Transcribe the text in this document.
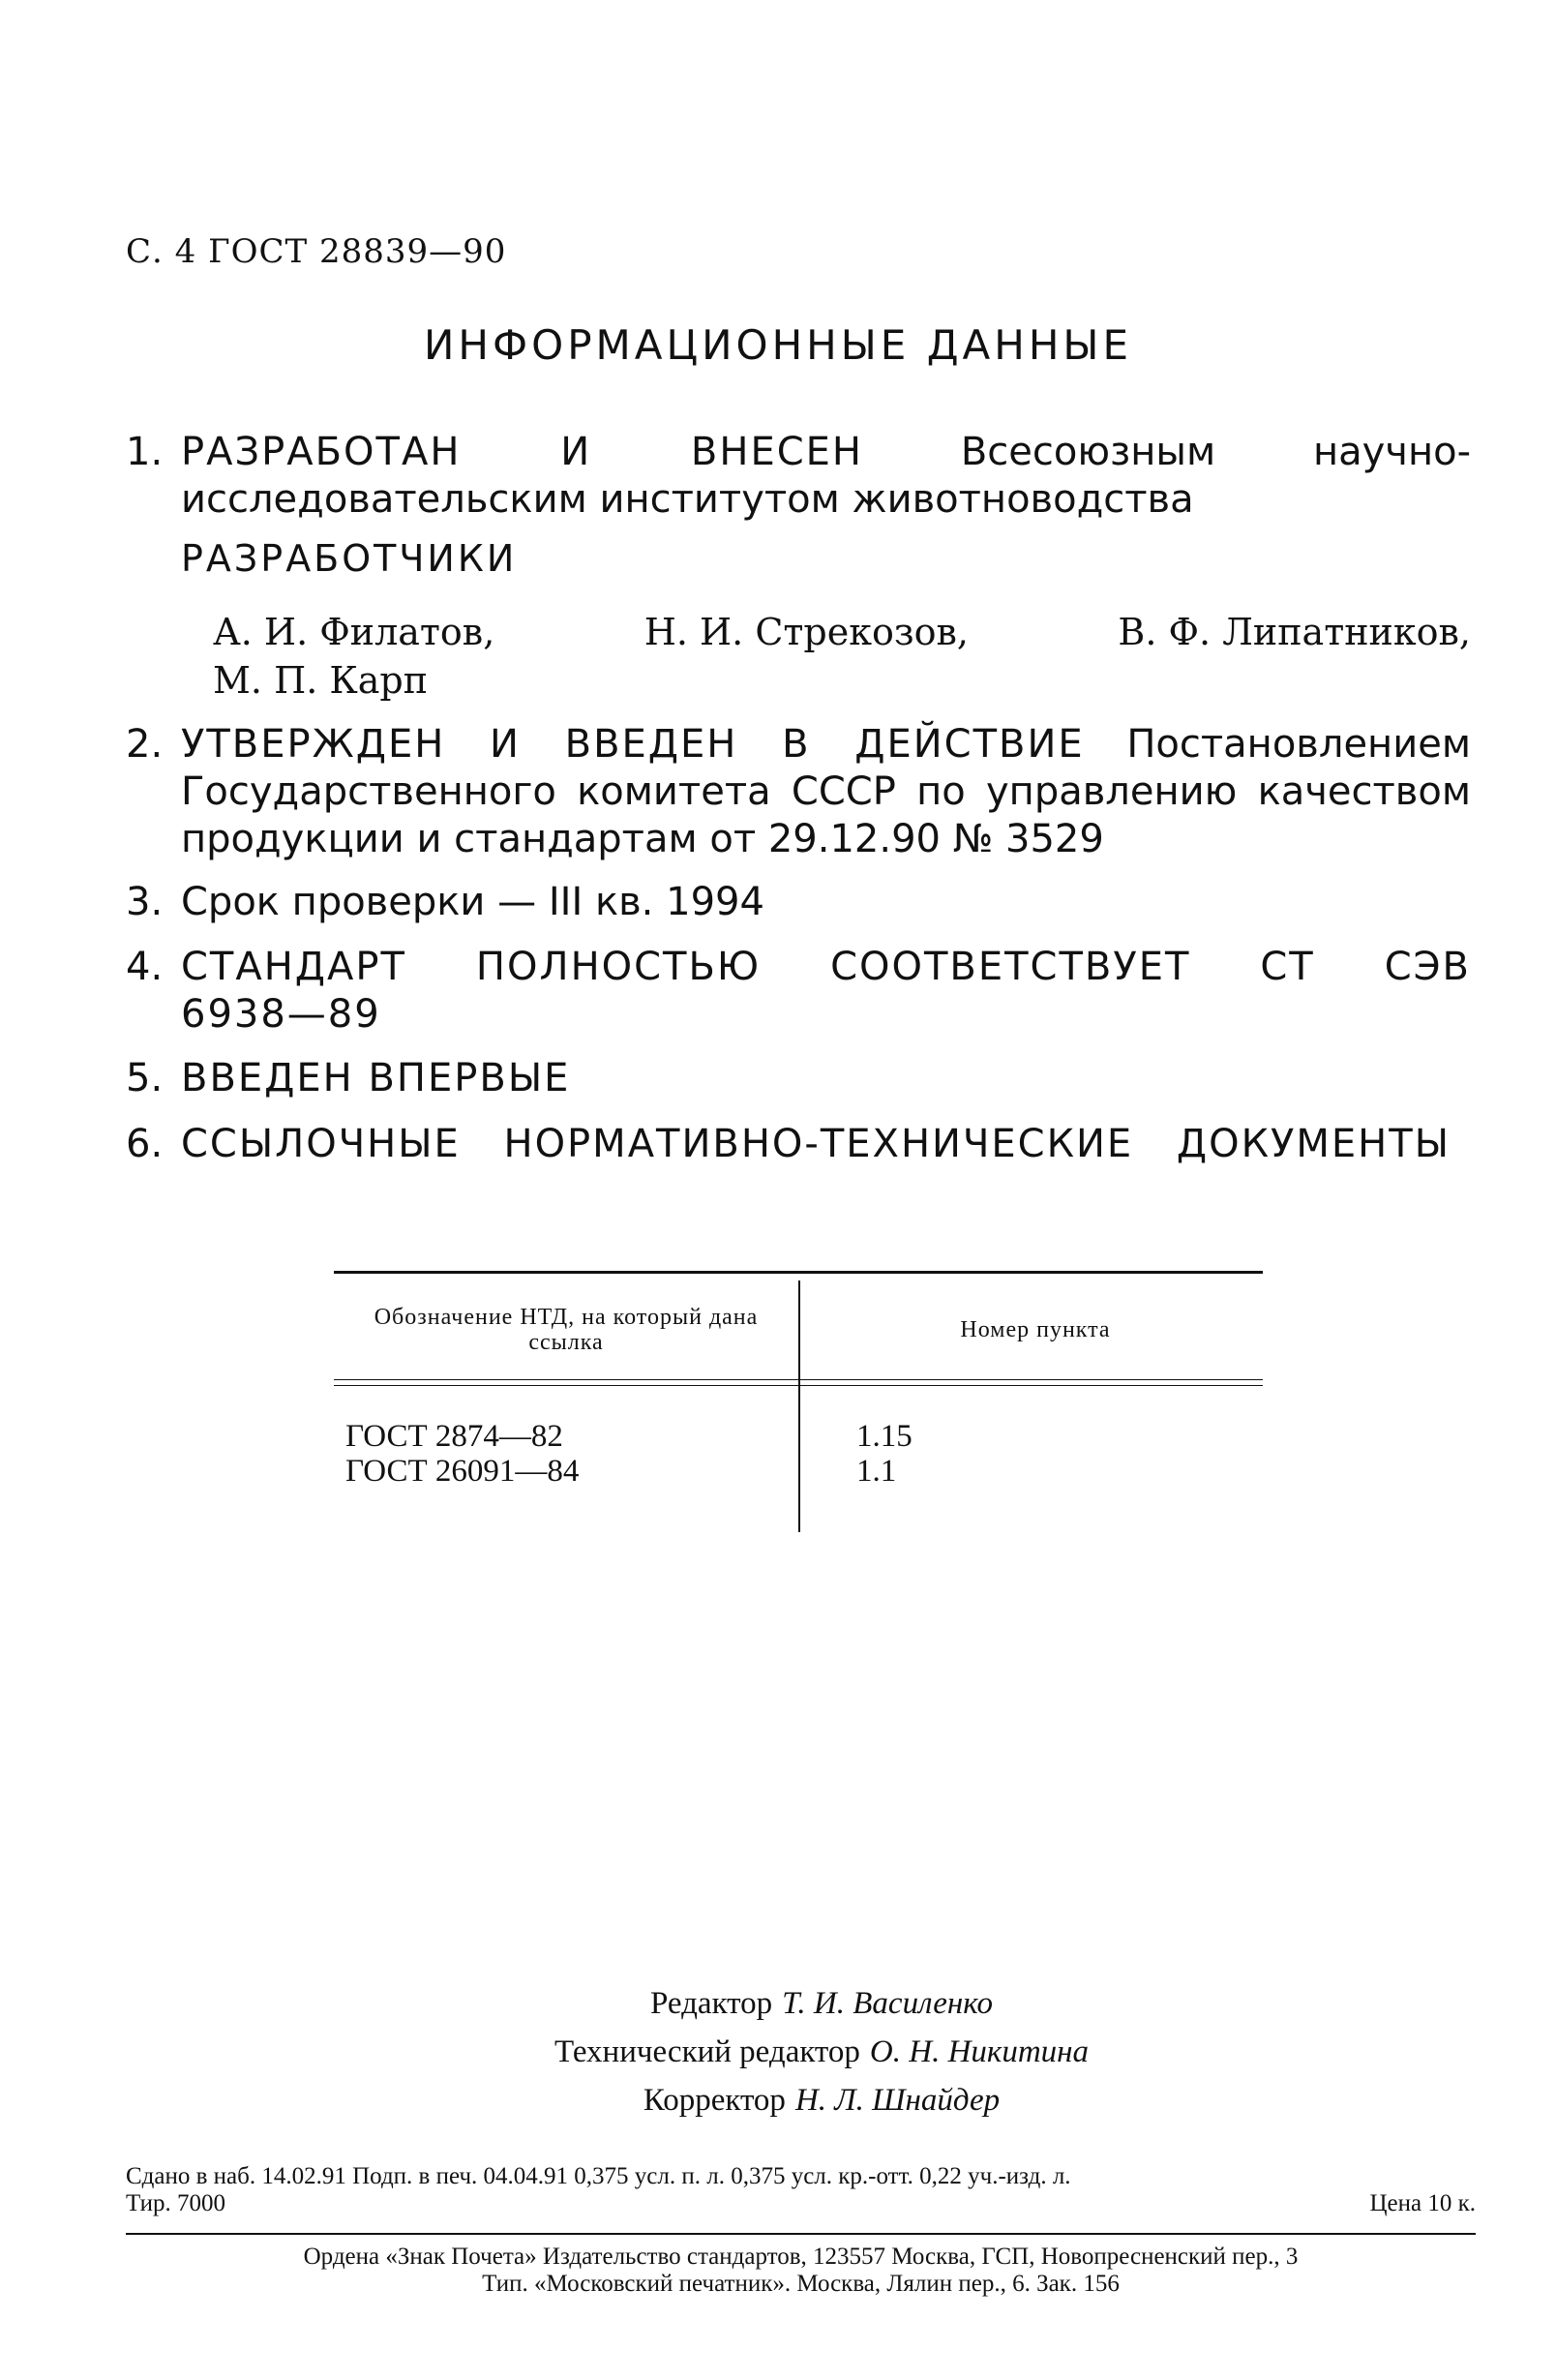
С. 4 ГОСТ 28839—90
ИНФОРМАЦИОННЫЕ ДАННЫЕ
1. РАЗРАБОТАН И ВНЕСЕН	Всесоюзным научно-исследовательским институтом животноводства
РАЗРАБОТЧИКИ
А. И. Филатов,	Н. И. Стрекозов,	В. Ф. Липатников,
М. П. Карп
2. УТВЕРЖДЕН И ВВЕДЕН В ДЕЙСТВИЕ Постановлением Государственного комитета СССР по управлению качеством продукции и стандартам от 29.12.90 № 3529
3. Срок проверки — III кв. 1994
4. СТАНДАРТ ПОЛНОСТЬЮ СООТВЕТСТВУЕТ СТ СЭВ 6938—89
5. ВВЕДЕН ВПЕРВЫЕ
6. ССЫЛОЧНЫЕ НОРМАТИВНО-ТЕХНИЧЕСКИЕ ДОКУМЕНТЫ
Обозначение НТД, на который дана ссылка	Номер пункта
ГОСТ 2874—82	1.15
ГОСТ 26091—84	1.1
Редактор Т. И. Василенко
Технический редактор О. Н. Никитина
Корректор Н. Л. Шнайдер
Сдано в наб. 14.02.91 Подп. в печ. 04.04.91 0,375 усл. п. л. 0,375 усл. кр.-отт. 0,22 уч.-изд. л.
Тир. 7000	Цена 10 к.
Ордена «Знак Почета» Издательство стандартов, 123557 Москва, ГСП, Новопресненский пер., 3
Тип. «Московский печатник». Москва, Лялин пер., 6. Зак. 156
